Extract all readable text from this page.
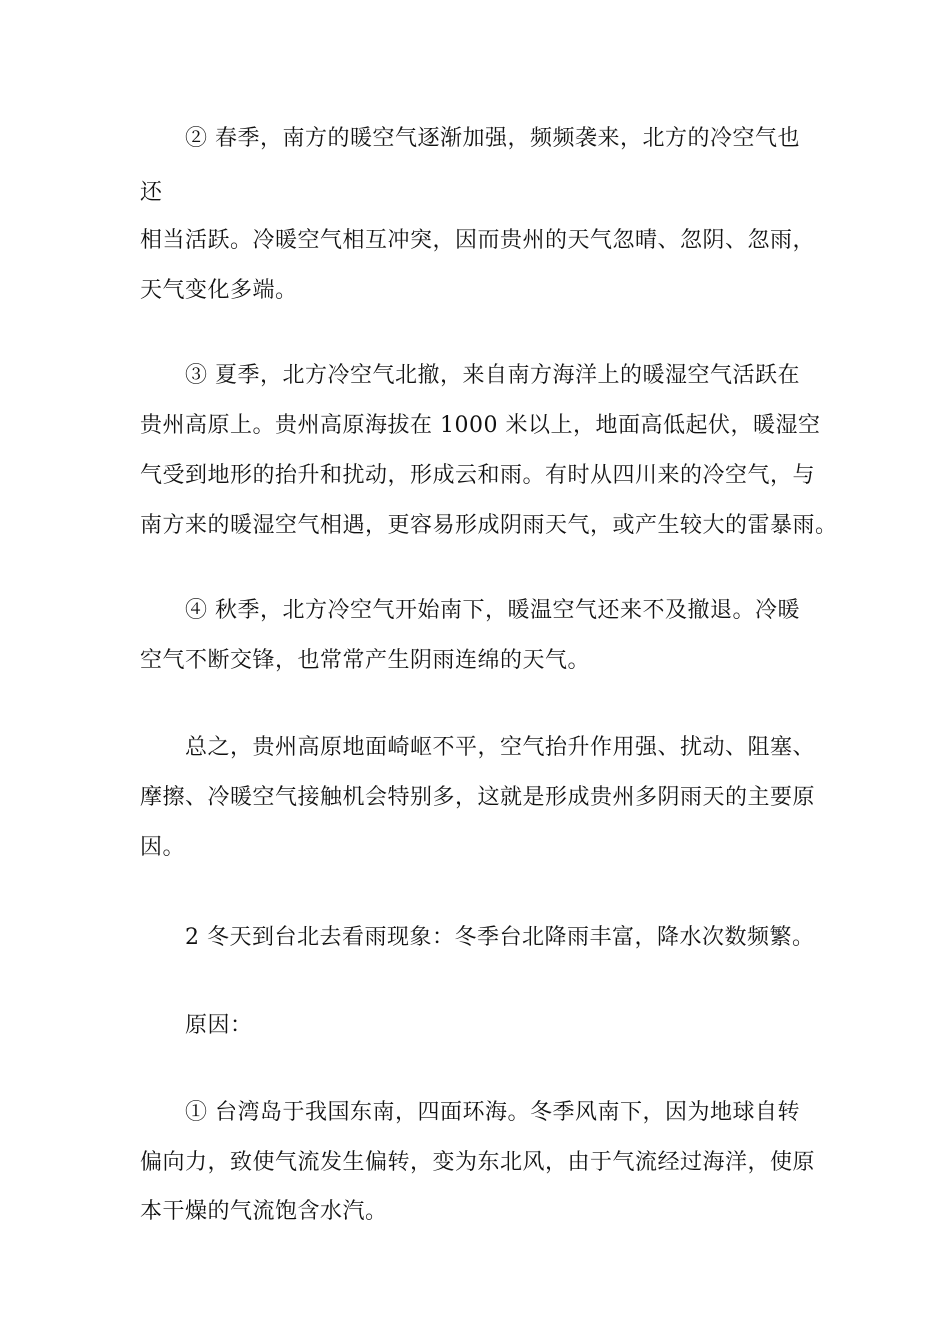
② 春季，南方的暖空气逐渐加强，频频袭来，北方的冷空气也
还
相当活跃。冷暖空气相互冲突，因而贵州的天气忽晴、忽阴、忽雨，
天气变化多端。
③ 夏季，北方冷空气北撤，来自南方海洋上的暖湿空气活跃在
贵州高原上。贵州高原海拔在 1000 米以上，地面高低起伏，暖湿空
气受到地形的抬升和扰动，形成云和雨。有时从四川来的冷空气，与
南方来的暖湿空气相遇，更容易形成阴雨天气，或产生较大的雷暴雨。
④ 秋季，北方冷空气开始南下，暖温空气还来不及撤退。冷暖
空气不断交锋，也常常产生阴雨连绵的天气。
总之，贵州高原地面崎岖不平，空气抬升作用强、扰动、阻塞、
摩擦、冷暖空气接触机会特别多，这就是形成贵州多阴雨天的主要原
因。
2 冬天到台北去看雨现象：冬季台北降雨丰富，降水次数频繁。
原因：
① 台湾岛于我国东南，四面环海。冬季风南下，因为地球自转
偏向力，致使气流发生偏转，变为东北风，由于气流经过海洋，使原
本干燥的气流饱含水汽。
